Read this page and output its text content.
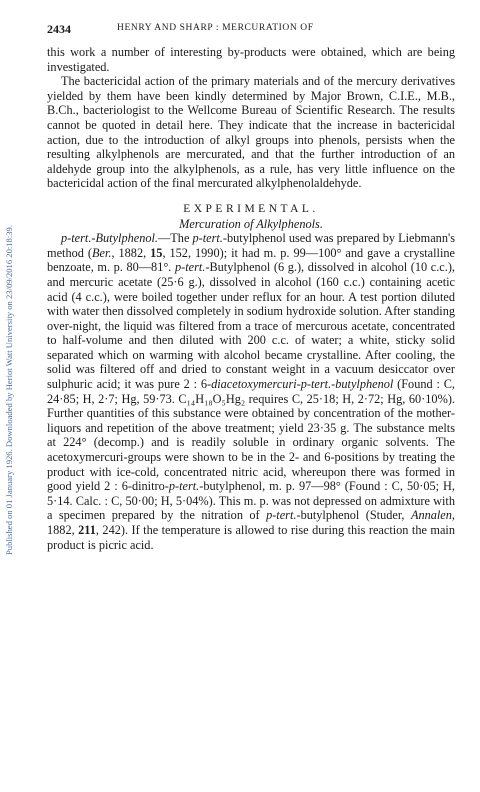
Published on 01 January 1926. Downloaded by Heriot Watt University on 23/09/2016 20:18:39.
2434	HENRY AND SHARP : MERCURATION OF

this work a number of interesting by-products were obtained, which are being investigated.

The bactericidal action of the primary materials and of the mercury derivatives yielded by them have been kindly determined by Major Brown, C.I.E., M.B., B.Ch., bacteriologist to the Wellcome Bureau of Scientific Research. The results cannot be quoted in detail here. They indicate that the increase in bactericidal action, due to the introduction of alkyl groups into phenols, persists when the resulting alkylphenols are mercurated, and that the further introduction of an aldehyde group into the alkylphenols, as a rule, has very little influence on the bactericidal action of the final mercurated alkylphenolaldehyde.

EXPERIMENTAL.

Mercuration of Alkylphenols.

p-tert.-Butylphenol.—The p-tert.-butylphenol used was prepared by Liebmann's method (Ber., 1882, 15, 152, 1990); it had m. p. 99—100° and gave a crystalline benzoate, m. p. 80—81°. p-tert.-Butylphenol (6 g.), dissolved in alcohol (10 c.c.), and mercuric acetate (25·6 g.), dissolved in alcohol (160 c.c.) containing acetic acid (4 c.c.), were boiled together under reflux for an hour. A test portion diluted with water then dissolved completely in sodium hydroxide solution. After standing over-night, the liquid was filtered from a trace of mercurous acetate, concentrated to half-volume and then diluted with 200 c.c. of water; a white, sticky solid separated which on warming with alcohol became crystalline. After cooling, the solid was filtered off and dried to constant weight in a vacuum desiccator over sulphuric acid; it was pure 2 : 6-diacetoxymercuri-p-tert.-butylphenol (Found : C, 24·85; H, 2·7; Hg, 59·73. C₁₄H₁₈O₅Hg₂ requires C, 25·18; H, 2·72; Hg, 60·10%). Further quantities of this substance were obtained by concentration of the mother-liquors and repetition of the above treatment; yield 23·35 g. The substance melts at 224° (decomp.) and is readily soluble in ordinary organic solvents. The acetoxymercuri-groups were shown to be in the 2- and 6-positions by treating the product with ice-cold, concentrated nitric acid, whereupon there was formed in good yield 2 : 6-dinitro-p-tert.-butylphenol, m. p. 97—98° (Found : C, 50·05; H, 5·14. Calc. : C, 50·00; H, 5·04%). This m. p. was not depressed on admixture with a specimen prepared by the nitration of p-tert.-butylphenol (Studer, Annalen, 1882, 211, 242). If the temperature is allowed to rise during this reaction the main product is picric acid.
